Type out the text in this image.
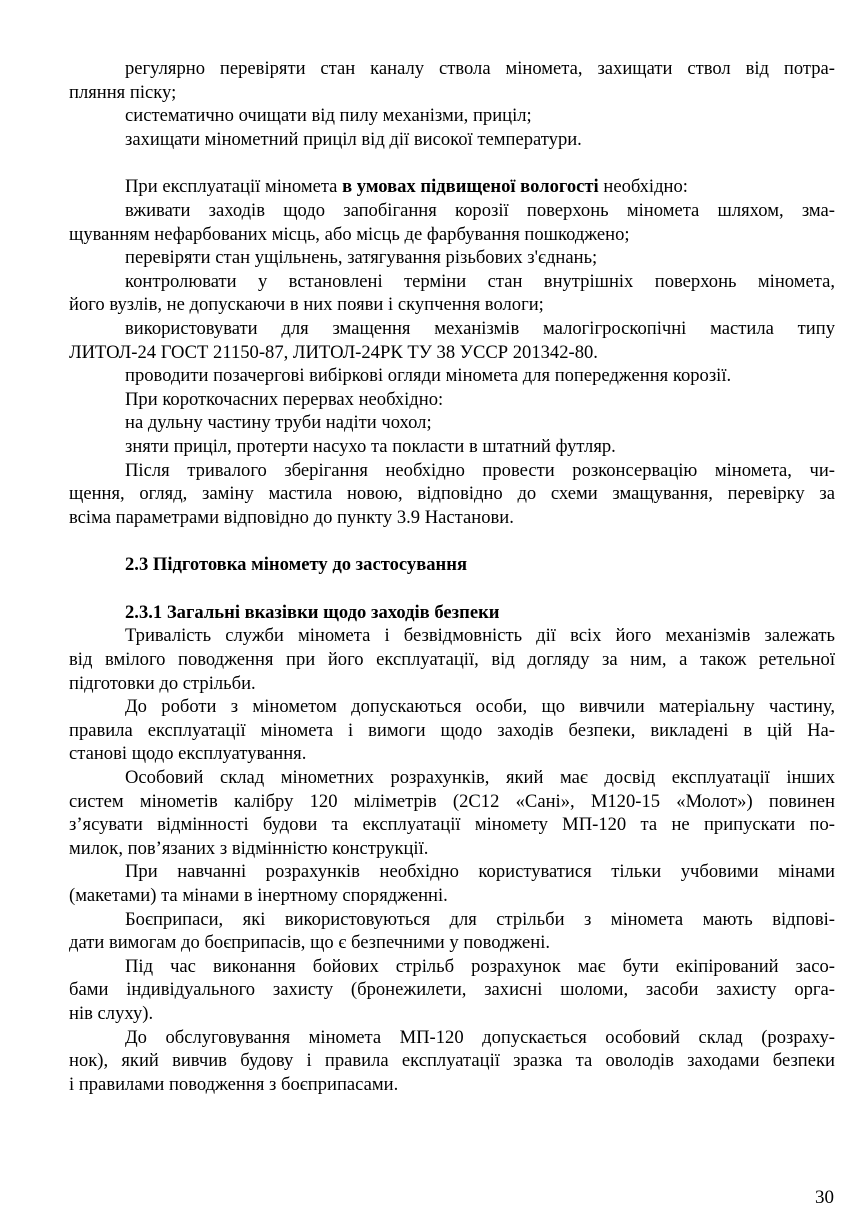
регулярно перевіряти стан каналу ствола міномета, захищати ствол від потра-
пляння піску;
систематично очищати від пилу механізми, приціл;
захищати мінометний приціл від дії високої температури.
При експлуатації міномета в умовах підвищеної вологості необхідно:
вживати заходів щодо запобігання корозії поверхонь міномета шляхом, зма-
щуванням нефарбованих місць, або місць де фарбування пошкоджено;
перевіряти стан ущільнень, затягування різьбових з'єднань;
контролювати у встановлені терміни стан внутрішніх поверхонь міномета,
його вузлів, не допускаючи в них появи і скупчення вологи;
використовувати для змащення механізмів малогігроскопічні мастила типу
ЛИТОЛ-24 ГОСТ 21150-87, ЛИТОЛ-24РК ТУ 38 УССР 201342-80.
проводити позачергові вибіркові огляди міномета для попередження корозії.
При короткочасних перервах необхідно:
на дульну частину труби надіти чохол;
зняти приціл, протерти насухо та покласти в штатний футляр.
Після тривалого зберігання необхідно провести розконсервацію міномета, чи-
щення, огляд, заміну мастила новою, відповідно до схеми змащування, перевірку за
всіма параметрами відповідно до пункту 3.9 Настанови.
2.3 Підготовка міномету до застосування
2.3.1 Загальні вказівки щодо заходів безпеки
Тривалість служби міномета і безвідмовність дії всіх його механізмів залежать
від вмілого поводження при його експлуатації, від догляду за ним, а також ретельної
підготовки до стрільби.
До роботи з мінометом допускаються особи, що вивчили матеріальну частину,
правила експлуатації міномета і вимоги щодо заходів безпеки, викладені в цій На-
станові щодо експлуатування.
Особовий склад мінометних розрахунків, який має досвід експлуатації інших
систем мінометів калібру 120 міліметрів (2С12 «Сані», М120-15 «Молот») повинен
з’ясувати відмінності будови та експлуатації міномету МП-120 та не припускати по-
милок, пов’язаних з відмінністю конструкції.
При навчанні розрахунків необхідно користуватися тільки учбовими мінами
(макетами) та мінами в інертному спорядженні.
Боєприпаси, які використовуються для стрільби з міномета мають відпові-
дати вимогам до боєприпасів, що є безпечними у поводжені.
Під час виконання бойових стрільб розрахунок має бути екіпірований засо-
бами індивідуального захисту (бронежилети, захисні шоломи, засоби захисту орга-
нів слуху).
До обслуговування міномета МП-120 допускається особовий склад (розраху-
нок), який вивчив будову і правила експлуатації зразка та оволодів заходами безпеки
і правилами поводження з боєприпасами.
30
